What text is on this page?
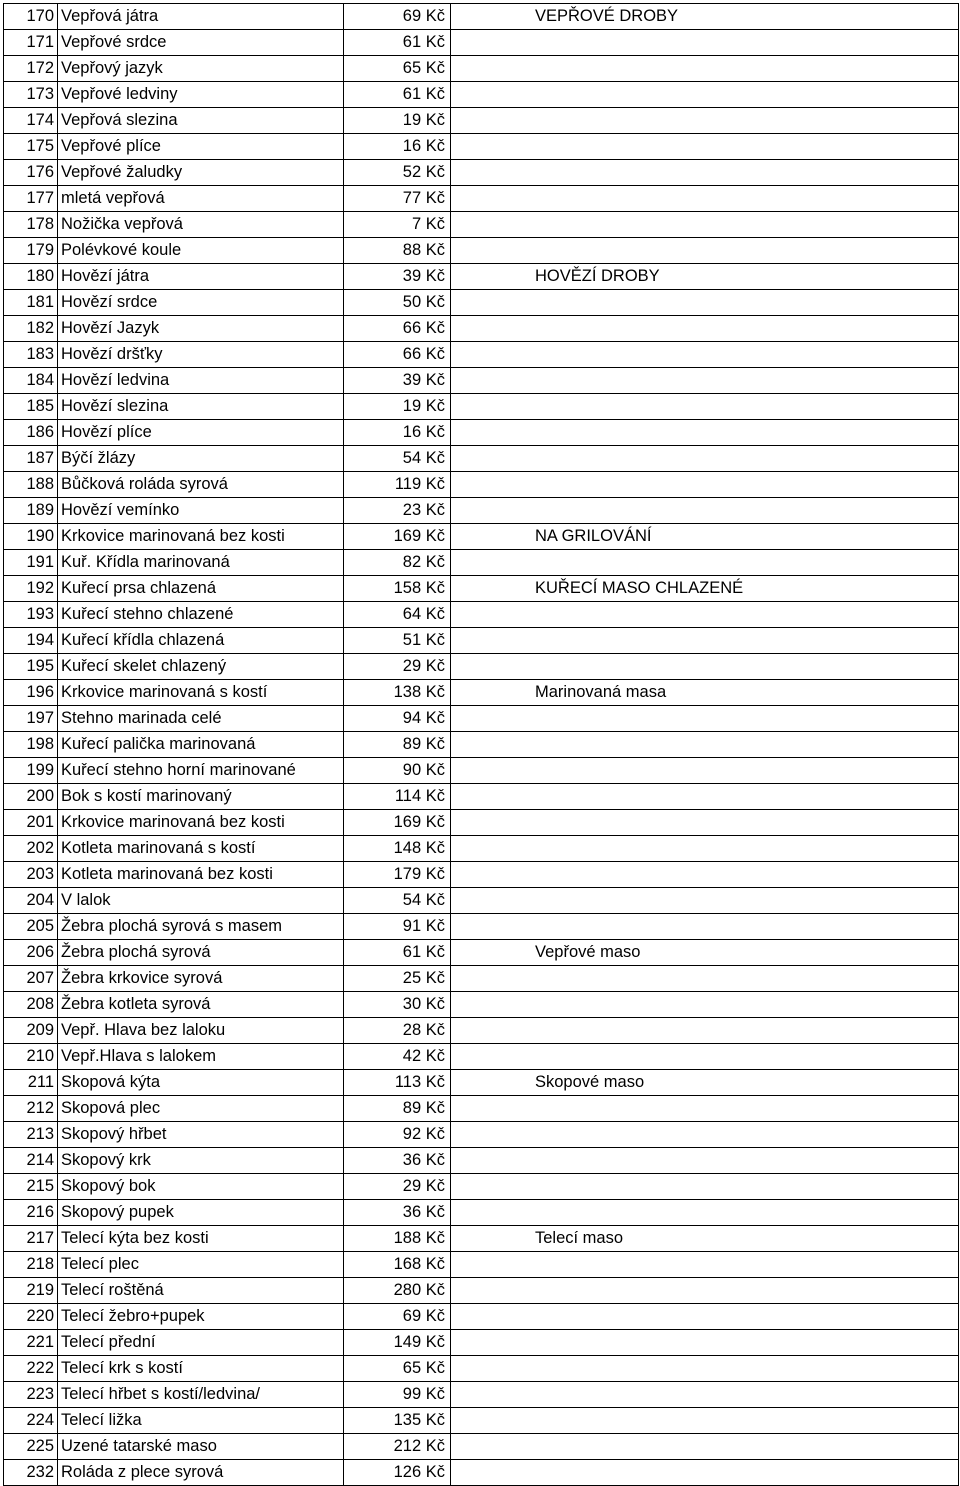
170	Vepřová játra	69 Kč	VEPŘOVÉ DROBY
171	Vepřové srdce	61 Kč	
172	Vepřový jazyk	65 Kč	
173	Vepřové ledviny	61 Kč	
174	Vepřová slezina	19 Kč	
175	Vepřové plíce	16 Kč	
176	Vepřové žaludky	52 Kč	
177	mletá vepřová	77 Kč	
178	Nožička vepřová	7 Kč	
179	Polévkové koule	88 Kč	
180	Hovězí játra	39 Kč	HOVĚZÍ DROBY
181	Hovězí srdce	50 Kč	
182	Hovězí Jazyk	66 Kč	
183	Hovězí dršťky	66 Kč	
184	Hovězí ledvina	39 Kč	
185	Hovězí slezina	19 Kč	
186	Hovězí plíce	16 Kč	
187	Býčí žlázy	54 Kč	
188	Bůčková roláda syrová	119 Kč	
189	Hovězí vemínko	23 Kč	
190	Krkovice marinovaná bez kosti	169 Kč	NA GRILOVÁNÍ
191	Kuř. Křídla marinovaná	82 Kč	
192	Kuřecí prsa chlazená	158 Kč	KUŘECÍ MASO CHLAZENÉ
193	Kuřecí stehno chlazené	64 Kč	
194	Kuřecí křídla chlazená	51 Kč	
195	Kuřecí skelet chlazený	29 Kč	
196	Krkovice marinovaná s kostí	138 Kč	Marinovaná masa
197	Stehno marinada celé	94 Kč	
198	Kuřecí palička marinovaná	89 Kč	
199	Kuřecí stehno horní marinované	90 Kč	
200	Bok s kostí marinovaný	114 Kč	
201	Krkovice marinovaná bez kosti	169 Kč	
202	Kotleta marinovaná s kostí	148 Kč	
203	Kotleta marinovaná bez kosti	179 Kč	
204	V lalok	54 Kč	
205	Žebra plochá syrová s masem	91 Kč	
206	Žebra plochá syrová	61 Kč	Vepřové maso
207	Žebra krkovice syrová	25 Kč	
208	Žebra kotleta syrová	30 Kč	
209	Vepř. Hlava bez laloku	28 Kč	
210	Vepř.Hlava s lalokem	42 Kč	
211	Skopová kýta	113 Kč	Skopové maso
212	Skopová plec	89 Kč	
213	Skopový hřbet	92 Kč	
214	Skopový krk	36 Kč	
215	Skopový bok	29 Kč	
216	Skopový pupek	36 Kč	
217	Telecí kýta bez kosti	188 Kč	Telecí maso
218	Telecí plec	168 Kč	
219	Telecí roštěná	280 Kč	
220	Telecí žebro+pupek	69 Kč	
221	Telecí přední	149 Kč	
222	Telecí krk s kostí	65 Kč	
223	Telecí hřbet s kostí/ledvina/	99 Kč	
224	Telecí ližka	135 Kč	
225	Uzené tatarské maso	212 Kč	
232	Roláda z plece syrová	126 Kč	
